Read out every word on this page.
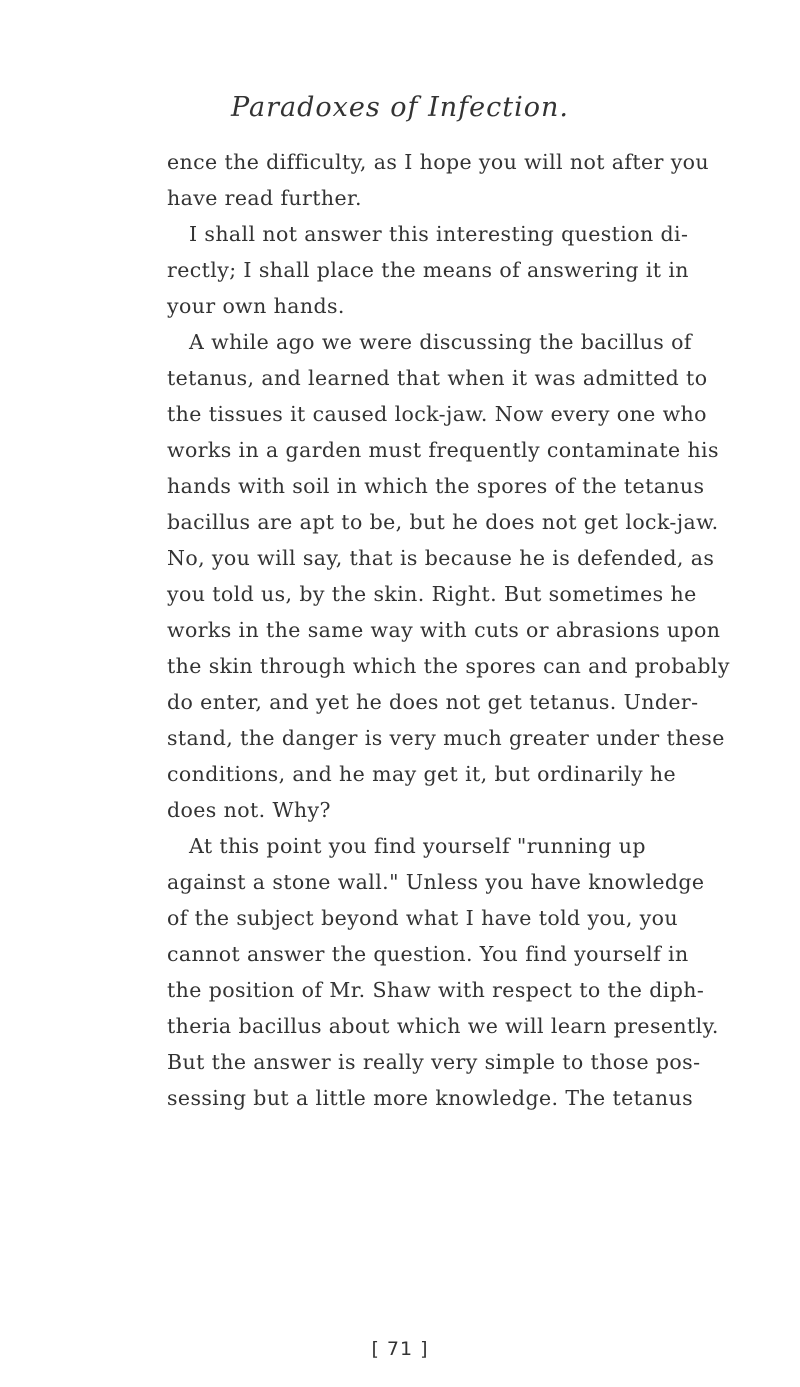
Paradoxes of Infection.
ence the difficulty, as I hope you will not after you
have read further.
I shall not answer this interesting question di-
rectly; I shall place the means of answering it in
your own hands.
A while ago we were discussing the bacillus of
tetanus, and learned that when it was admitted to
the tissues it caused lock-jaw. Now every one who
works in a garden must frequently contaminate his
hands with soil in which the spores of the tetanus
bacillus are apt to be, but he does not get lock-jaw.
No, you will say, that is because he is defended, as
you told us, by the skin. Right. But sometimes he
works in the same way with cuts or abrasions upon
the skin through which the spores can and probably
do enter, and yet he does not get tetanus. Under-
stand, the danger is very much greater under these
conditions, and he may get it, but ordinarily he
does not. Why?
At this point you find yourself "running up
against a stone wall." Unless you have knowledge
of the subject beyond what I have told you, you
cannot answer the question. You find yourself in
the position of Mr. Shaw with respect to the diph-
theria bacillus about which we will learn presently.
But the answer is really very simple to those pos-
sessing but a little more knowledge. The tetanus
[ 71 ]
